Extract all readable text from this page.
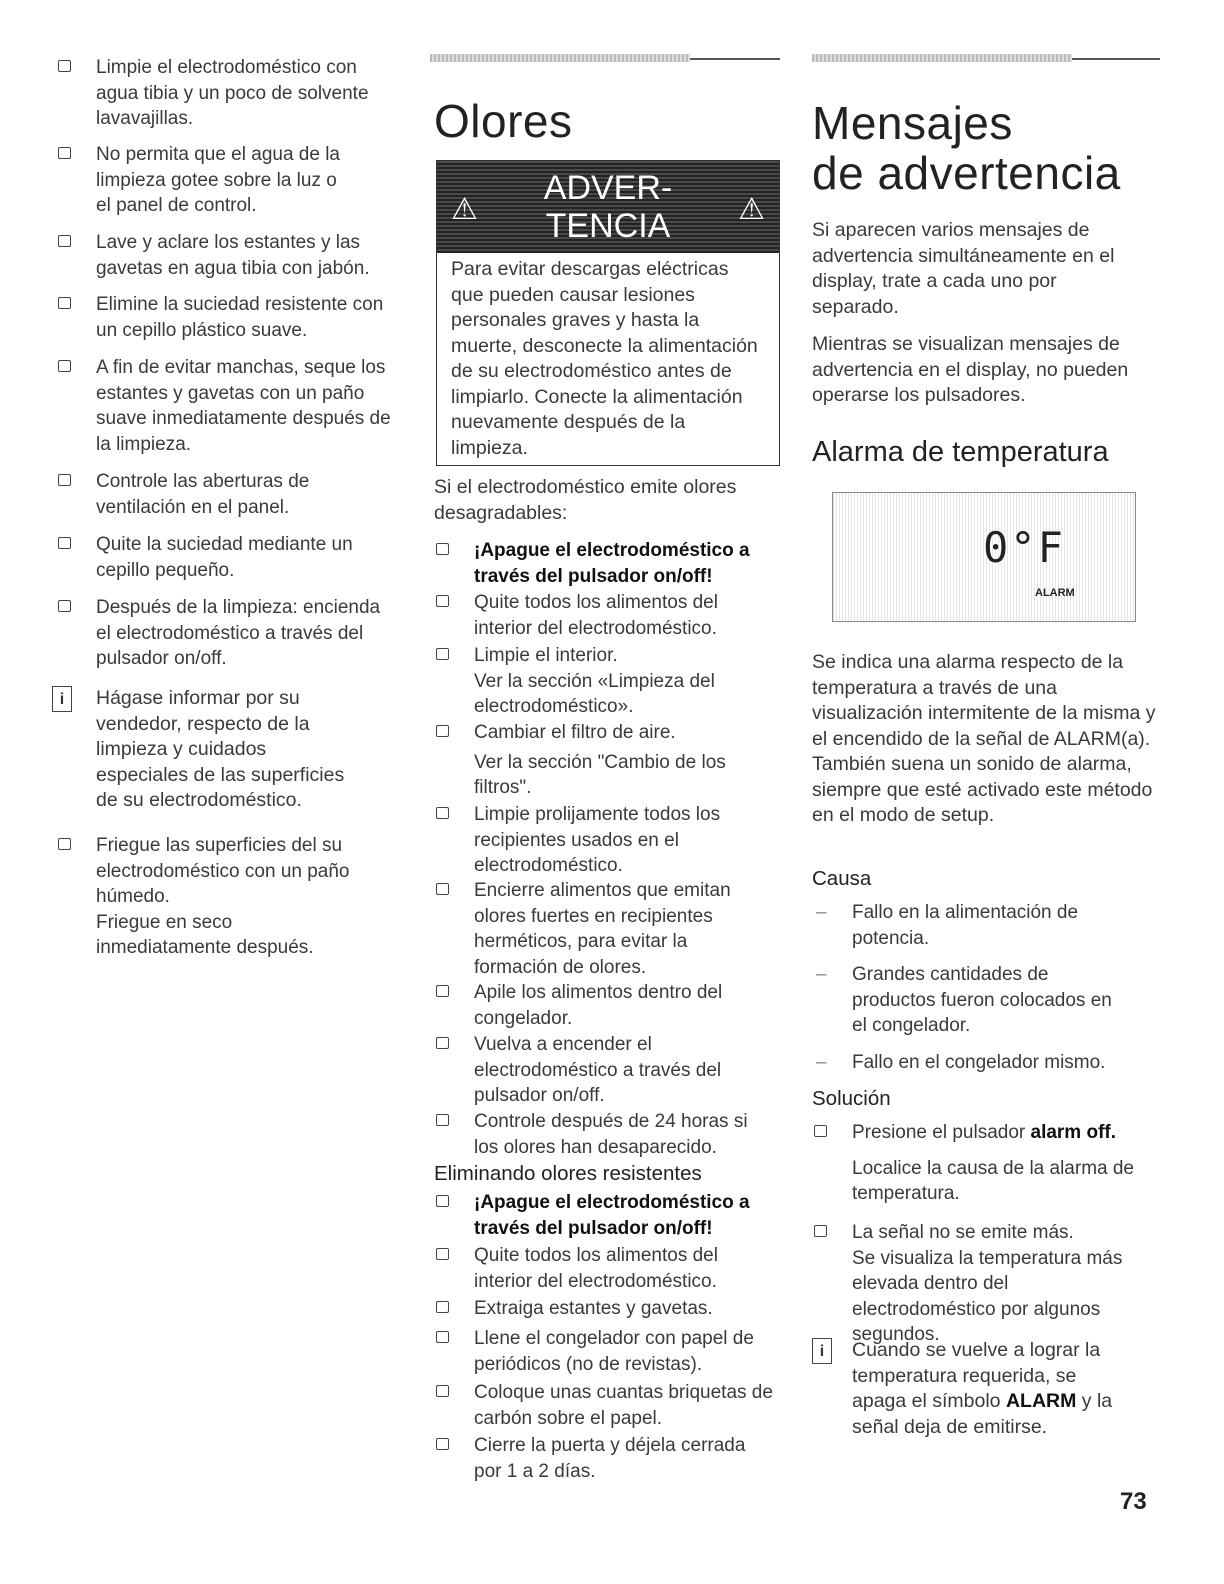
Limpie el electrodoméstico con agua tibia y un poco de solvente lavavajillas.
No permita que el agua de la limpieza gotee sobre la luz o el panel de control.
Lave y aclare los estantes y las gavetas en agua tibia con jabón.
Elimine la suciedad resistente con un cepillo plástico suave.
A fin de evitar manchas, seque los estantes y gavetas con un paño suave inmediatamente después de la limpieza.
Controle las aberturas de ventilación en el panel.
Quite la suciedad mediante un cepillo pequeño.
Después de la limpieza: encienda el electrodoméstico a través del pulsador on/off.
i	Hágase informar por su vendedor, respecto de la limpieza y cuidados especiales de las superficies de su electrodoméstico.
Friegue las superficies del su electrodoméstico con un paño húmedo.
Friegue en seco inmediatamente después.
Olores
⚠
ADVER-
TENCIA	⚠
Para evitar descargas eléctricas que pueden causar lesiones personales graves y hasta la muerte, desconecte la alimentación de su electrodoméstico antes de limpiarlo. Conecte la alimentación nuevamente después de la limpieza.
Si el electrodoméstico emite olores desagradables:
¡Apague el electrodoméstico a través del pulsador on/off!
Quite todos los alimentos del interior del electrodoméstico.
Limpie el interior.
Ver la sección «Limpieza del electrodoméstico».
Cambiar el filtro de aire.
Ver la sección "Cambio de los filtros".
Limpie prolijamente todos los recipientes usados en el electrodoméstico.
Encierre alimentos que emitan olores fuertes en recipientes herméticos, para evitar la formación de olores.
Apile los alimentos dentro del congelador.
Vuelva a encender el electrodoméstico a través del pulsador on/off.
Controle después de 24 horas si los olores han desaparecido.
Eliminando olores resistentes
¡Apague el electrodoméstico a través del pulsador on/off!
Quite todos los alimentos del interior del electrodoméstico.
Extraiga estantes y gavetas.
Llene el congelador con papel de periódicos (no de revistas).
Coloque unas cuantas briquetas de carbón sobre el papel.
Cierre la puerta y déjela cerrada por 1 a 2 días.
Mensajes
de advertencia
Si aparecen varios mensajes de advertencia simultáneamente en el display, trate a cada uno por separado.
Mientras se visualizan mensajes de advertencia en el display, no pueden operarse los pulsadores.
Alarma de temperatura
0°F
ALARM
Se indica una alarma respecto de la temperatura a través de una visualización intermitente de la misma y el encendido de la señal de ALARM(a). También suena un sonido de alarma, siempre que esté activado este método en el modo de setup.
Causa
– Fallo en la alimentación de potencia.
– Grandes cantidades de productos fueron colocados en el congelador.
– Fallo en el congelador mismo.
Solución
Presione el pulsador alarm off.
Localice la causa de la alarma de temperatura.
La señal no se emite más.
Se visualiza la temperatura más elevada dentro del electrodoméstico por algunos segundos.
i	Cuando se vuelve a lograr la temperatura requerida, se apaga el símbolo ALARM y la señal deja de emitirse.
73
